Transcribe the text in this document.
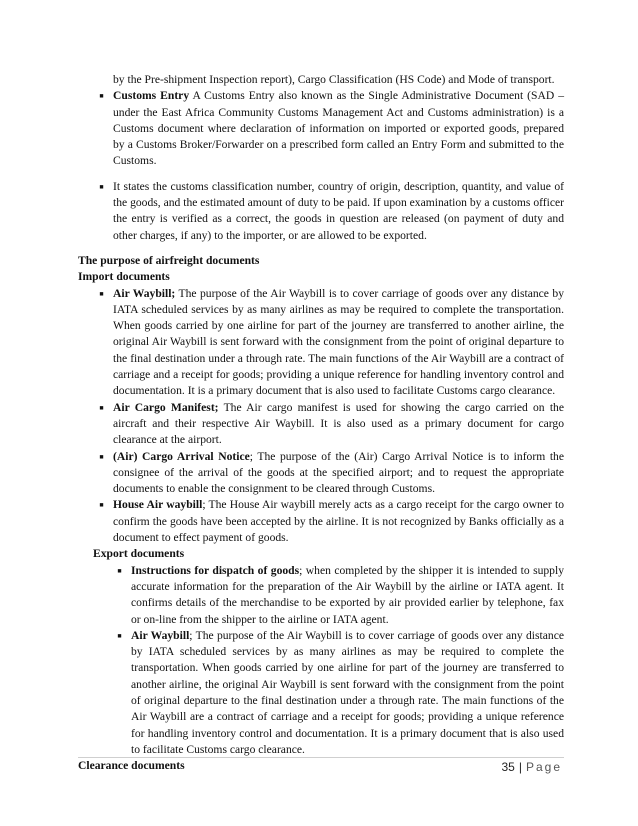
by the Pre-shipment Inspection report), Cargo Classification (HS Code) and Mode of transport.

■ Customs Entry A Customs Entry also known as the Single Administrative Document (SAD – under the East Africa Community Customs Management Act and Customs administration) is a Customs document where declaration of information on imported or exported goods, prepared by a Customs Broker/Forwarder on a prescribed form called an Entry Form and submitted to the Customs.
■ It states the customs classification number, country of origin, description, quantity, and value of the goods, and the estimated amount of duty to be paid. If upon examination by a customs officer the entry is verified as a correct, the goods in question are released (on payment of duty and other charges, if any) to the importer, or are allowed to be exported.

The purpose of airfreight documents

Import documents

■ Air Waybill; The purpose of the Air Waybill is to cover carriage of goods over any distance by IATA scheduled services by as many airlines as may be required to complete the transportation. When goods carried by one airline for part of the journey are transferred to another airline, the original Air Waybill is sent forward with the consignment from the point of original departure to the final destination under a through rate. The main functions of the Air Waybill are a contract of carriage and a receipt for goods; providing a unique reference for handling inventory control and documentation. It is a primary document that is also used to facilitate Customs cargo clearance.
■ Air Cargo Manifest; The Air cargo manifest is used for showing the cargo carried on the aircraft and their respective Air Waybill. It is also used as a primary document for cargo clearance at the airport.
■ (Air) Cargo Arrival Notice; The purpose of the (Air) Cargo Arrival Notice is to inform the consignee of the arrival of the goods at the specified airport; and to request the appropriate documents to enable the consignment to be cleared through Customs.
■ House Air waybill; The House Air waybill merely acts as a cargo receipt for the cargo owner to confirm the goods have been accepted by the airline. It is not recognized by Banks officially as a document to effect payment of goods.

Export documents

■ Instructions for dispatch of goods; when completed by the shipper it is intended to supply accurate information for the preparation of the Air Waybill by the airline or IATA agent. It confirms details of the merchandise to be exported by air provided earlier by telephone, fax or on-line from the shipper to the airline or IATA agent.
■ Air Waybill; The purpose of the Air Waybill is to cover carriage of goods over any distance by IATA scheduled services by as many airlines as may be required to complete the transportation. When goods carried by one airline for part of the journey are transferred to another airline, the original Air Waybill is sent forward with the consignment from the point of original departure to the final destination under a through rate. The main functions of the Air Waybill are a contract of carriage and a receipt for goods; providing a unique reference for handling inventory control and documentation. It is a primary document that is also used to facilitate Customs cargo clearance.

Clearance documents	35 | Page
